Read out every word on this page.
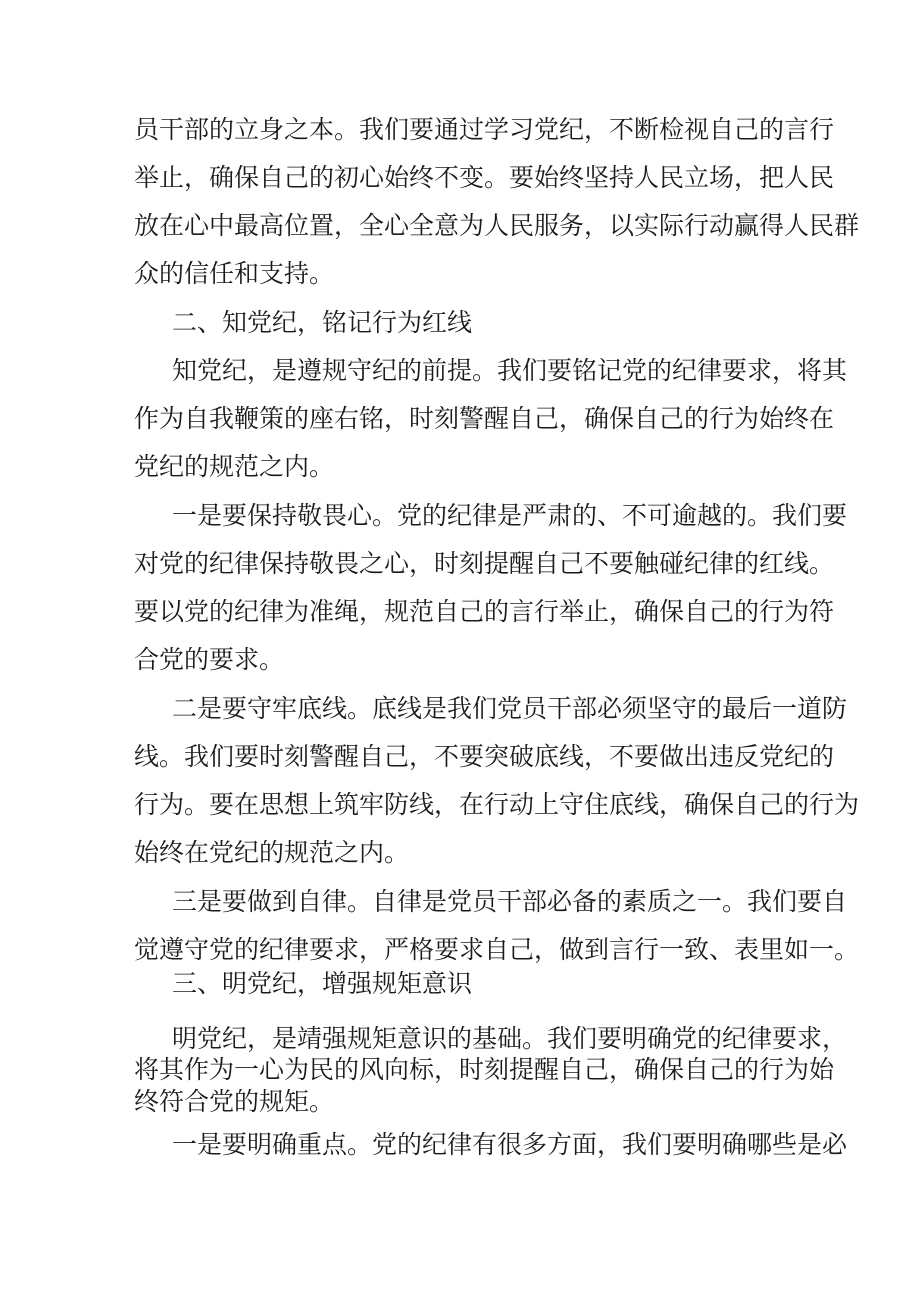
员干部的立身之本。我们要通过学习党纪，不断检视自己的言行

举止，确保自己的初心始终不变。要始终坚持人民立场，把人民

放在心中最高位置，全心全意为人民服务，以实际行动赢得人民群

众的信任和支持。

二、知党纪，铭记行为红线

知党纪，是遵规守纪的前提。我们要铭记党的纪律要求，将其

作为自我鞭策的座右铭，时刻警醒自己，确保自己的行为始终在

党纪的规范之内。

一是要保持敬畏心。党的纪律是严肃的、不可逾越的。我们要

对党的纪律保持敬畏之心，时刻提醒自己不要触碰纪律的红线。

要以党的纪律为准绳，规范自己的言行举止，确保自己的行为符

合党的要求。

二是要守牢底线。底线是我们党员干部必须坚守的最后一道防

线。我们要时刻警醒自己，不要突破底线，不要做出违反党纪的

行为。要在思想上筑牢防线，在行动上守住底线，确保自己的行为

始终在党纪的规范之内。

三是要做到自律。自律是党员干部必备的素质之一。我们要自

觉遵守党的纪律要求，严格要求自己，做到言行一致、表里如一。

三、明党纪，增强规矩意识

明党纪，是靖强规矩意识的基础。我们要明确党的纪律要求，

将其作为一心为民的风向标，时刻提醒自己，确保自己的行为始

终符合党的规矩。

一是要明确重点。党的纪律有很多方面，我们要明确哪些是必
